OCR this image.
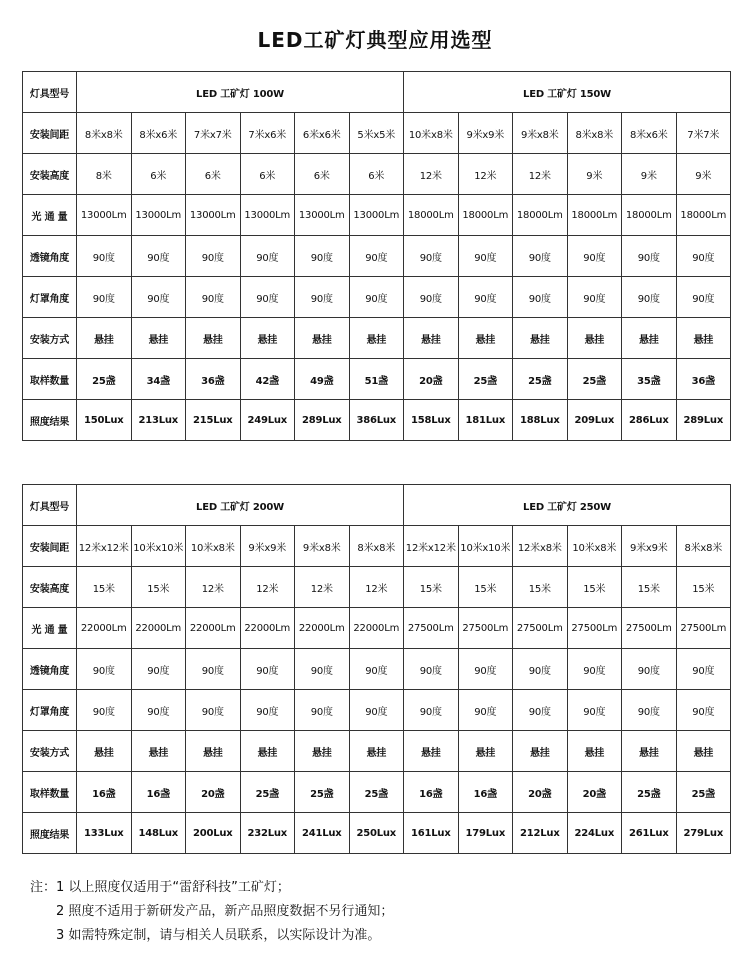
LED工矿灯典型应用选型
灯具型号	LED 工矿灯 100W						LED 工矿灯 150W					
安装间距	8米x8米	8米x6米	7米x7米	7米x6米	6米x6米	5米x5米	10米x8米	9米x9米	9米x8米	8米x8米	8米x6米	7米7米
安装高度	8米	6米	6米	6米	6米	6米	12米	12米	12米	9米	9米	9米
光 通 量	13000Lm	13000Lm	13000Lm	13000Lm	13000Lm	13000Lm	18000Lm	18000Lm	18000Lm	18000Lm	18000Lm	18000Lm
透镜角度	90度	90度	90度	90度	90度	90度	90度	90度	90度	90度	90度	90度
灯罩角度	90度	90度	90度	90度	90度	90度	90度	90度	90度	90度	90度	90度
安装方式	悬挂	悬挂	悬挂	悬挂	悬挂	悬挂	悬挂	悬挂	悬挂	悬挂	悬挂	悬挂
取样数量	25盏	34盏	36盏	42盏	49盏	51盏	20盏	25盏	25盏	25盏	35盏	36盏
照度结果	150Lux	213Lux	215Lux	249Lux	289Lux	386Lux	158Lux	181Lux	188Lux	209Lux	286Lux	289Lux
灯具型号	LED 工矿灯 200W						LED 工矿灯 250W					
安装间距	12米x12米	10米x10米	10米x8米	9米x9米	9米x8米	8米x8米	12米x12米	10米x10米	12米x8米	10米x8米	9米x9米	8米x8米
安装高度	15米	15米	12米	12米	12米	12米	15米	15米	15米	15米	15米	15米
光 通 量	22000Lm	22000Lm	22000Lm	22000Lm	22000Lm	22000Lm	27500Lm	27500Lm	27500Lm	27500Lm	27500Lm	27500Lm
透镜角度	90度	90度	90度	90度	90度	90度	90度	90度	90度	90度	90度	90度
灯罩角度	90度	90度	90度	90度	90度	90度	90度	90度	90度	90度	90度	90度
安装方式	悬挂	悬挂	悬挂	悬挂	悬挂	悬挂	悬挂	悬挂	悬挂	悬挂	悬挂	悬挂
取样数量	16盏	16盏	20盏	25盏	25盏	25盏	16盏	16盏	20盏	20盏	25盏	25盏
照度结果	133Lux	148Lux	200Lux	232Lux	241Lux	250Lux	161Lux	179Lux	212Lux	224Lux	261Lux	279Lux
注：1 以上照度仅适用于“雷舒科技”工矿灯；
2 照度不适用于新研发产品，新产品照度数据不另行通知；
3 如需特殊定制，请与相关人员联系，以实际设计为准。
